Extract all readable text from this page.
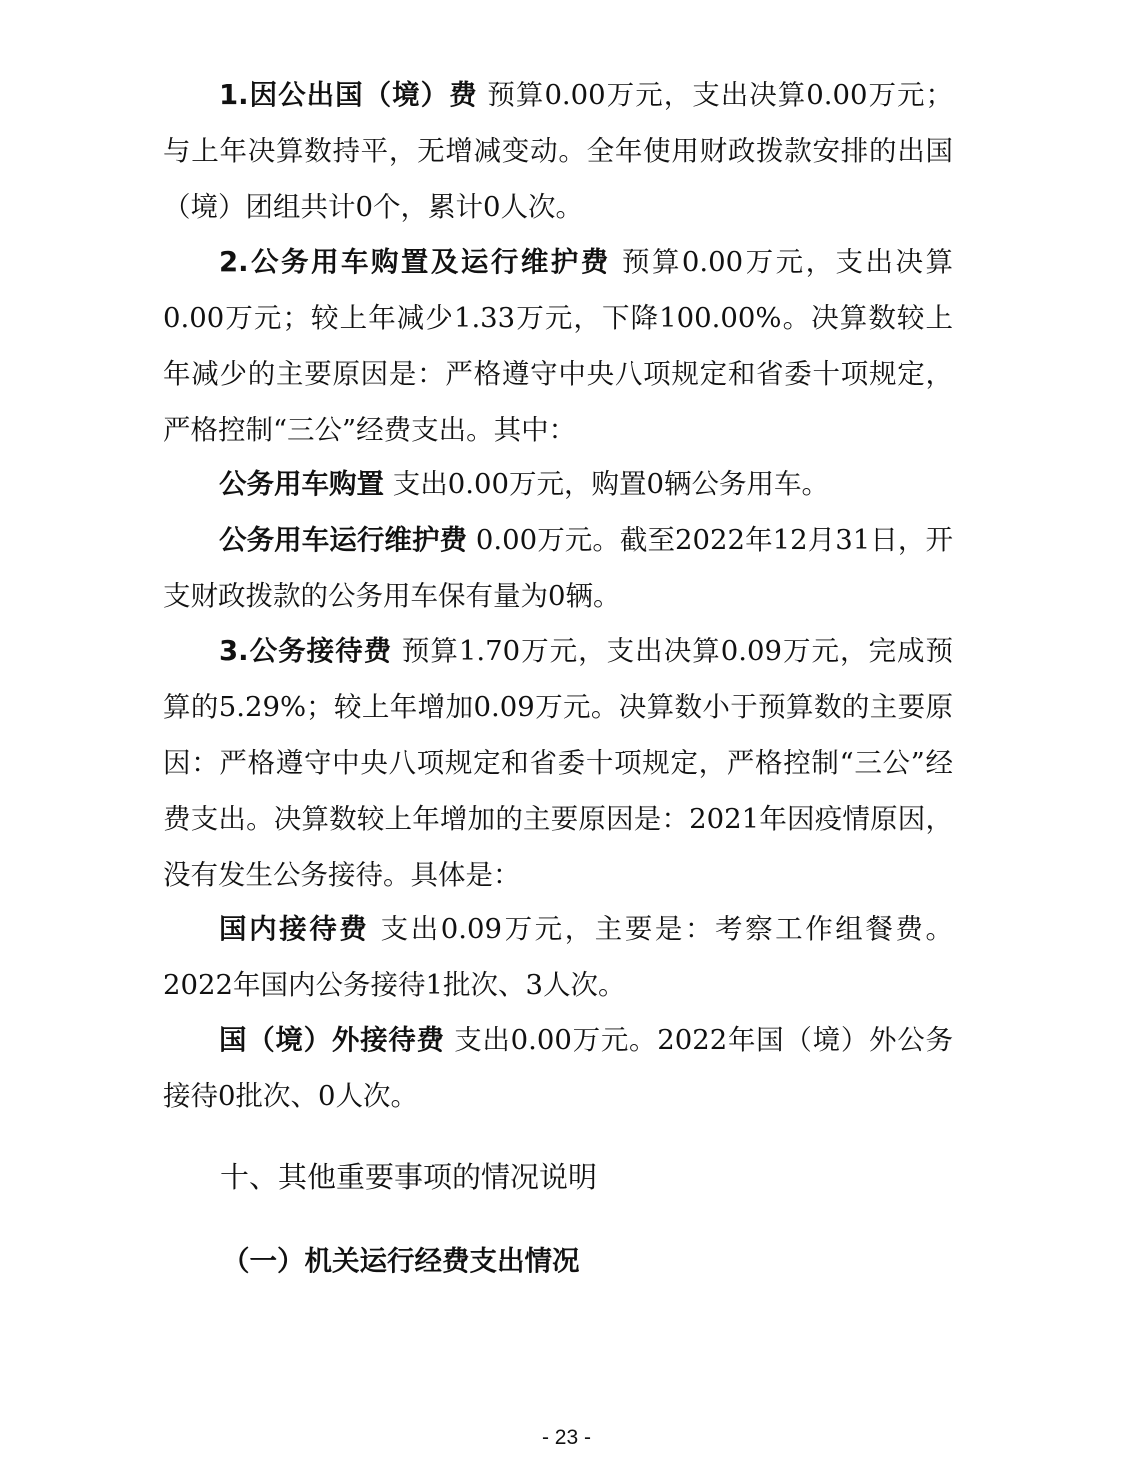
1.因公出国（境）费 预算0.00万元，支出决算0.00万元；与上年决算数持平，无增减变动。全年使用财政拨款安排的出国（境）团组共计0个，累计0人次。

2.公务用车购置及运行维护费 预算0.00万元，支出决算0.00万元；较上年减少1.33万元，下降100.00%。决算数较上年减少的主要原因是：严格遵守中央八项规定和省委十项规定，严格控制“三公”经费支出。其中：

公务用车购置 支出0.00万元，购置0辆公务用车。

公务用车运行维护费 0.00万元。截至2022年12月31日，开支财政拨款的公务用车保有量为0辆。

3.公务接待费 预算1.70万元，支出决算0.09万元，完成预算的5.29%；较上年增加0.09万元。决算数小于预算数的主要原因：严格遵守中央八项规定和省委十项规定，严格控制“三公”经费支出。决算数较上年增加的主要原因是：2021年因疫情原因，没有发生公务接待。具体是：

国内接待费 支出0.09万元，主要是：考察工作组餐费。2022年国内公务接待1批次、3人次。

国（境）外接待费 支出0.00万元。2022年国（境）外公务接待0批次、0人次。

十、其他重要事项的情况说明
（一）机关运行经费支出情况
- 23 -
